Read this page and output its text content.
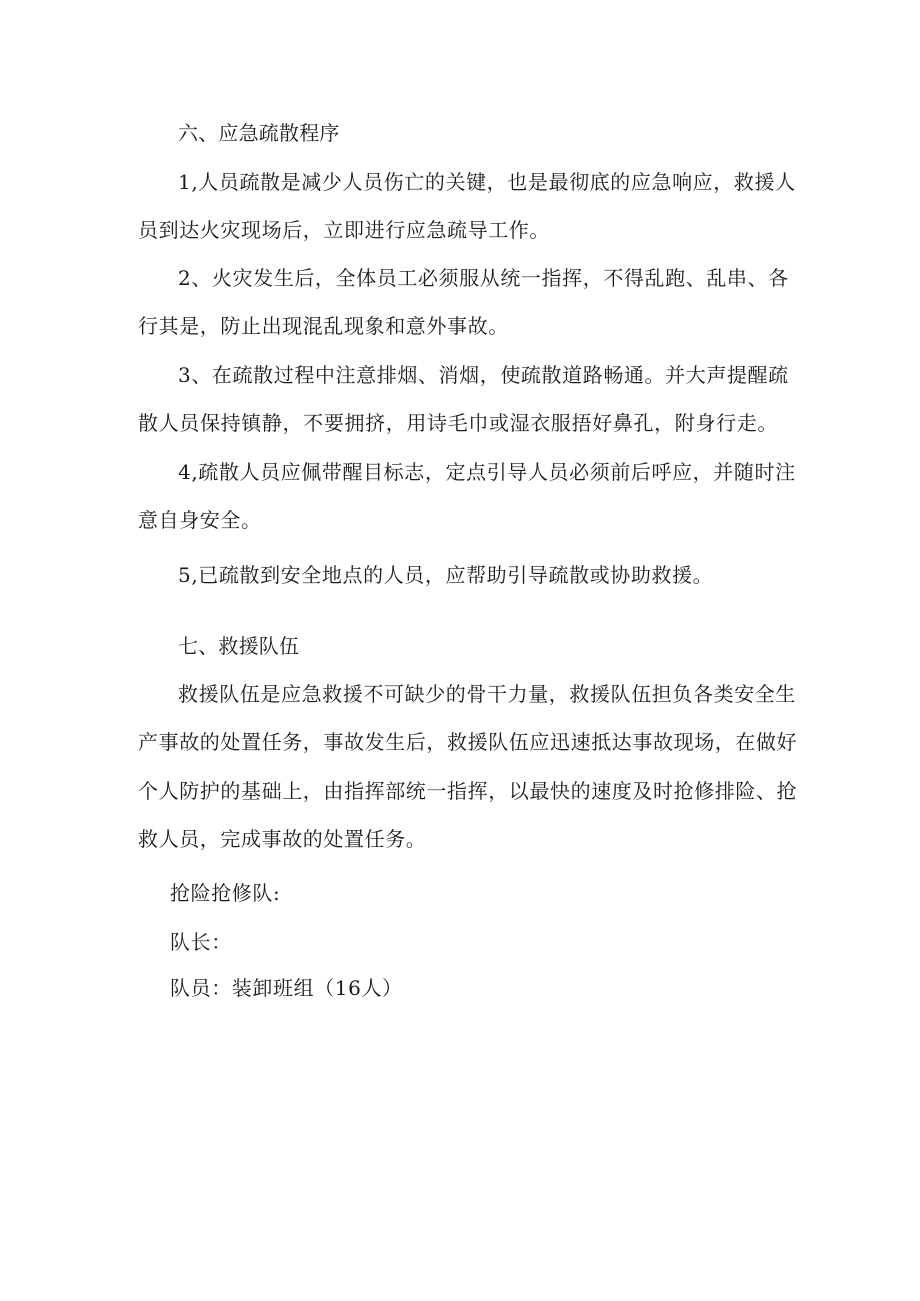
六、应急疏散程序
1,人员疏散是减少人员伤亡的关键，也是最彻底的应急响应，救援人
员到达火灾现场后，立即进行应急疏导工作。
2、火灾发生后，全体员工必须服从统一指挥，不得乱跑、乱串、各
行其是，防止出现混乱现象和意外事故。
3、在疏散过程中注意排烟、消烟，使疏散道路畅通。并大声提醒疏
散人员保持镇静，不要拥挤，用诗毛巾或湿衣服捂好鼻孔，附身行走。
4,疏散人员应佩带醒目标志，定点引导人员必须前后呼应，并随时注
意自身安全。
5,已疏散到安全地点的人员，应帮助引导疏散或协助救援。
七、救援队伍
救援队伍是应急救援不可缺少的骨干力量，救援队伍担负各类安全生
产事故的处置任务，事故发生后，救援队伍应迅速抵达事故现场，在做好
个人防护的基础上，由指挥部统一指挥，以最快的速度及时抢修排险、抢
救人员，完成事故的处置任务。
抢险抢修队:
队长：
队员：装卸班组（16人）
